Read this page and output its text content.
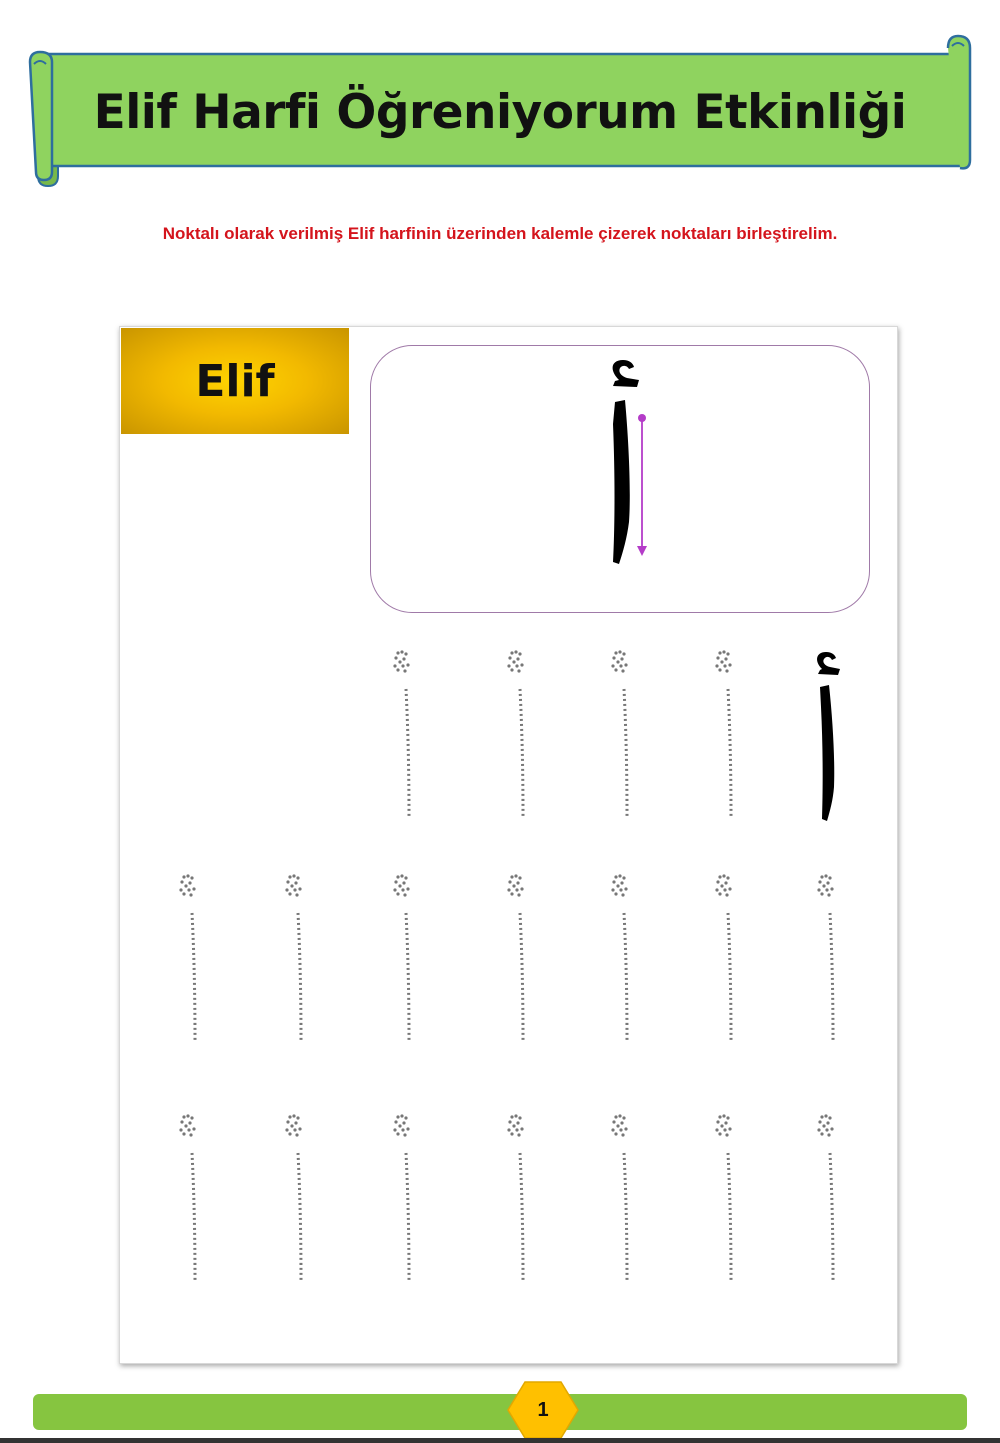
Elif Harfi Öğreniyorum Etkinliği
Noktalı olarak verilmiş Elif harfinin üzerinden kalemle çizerek noktaları birleştirelim.
Elif
1
